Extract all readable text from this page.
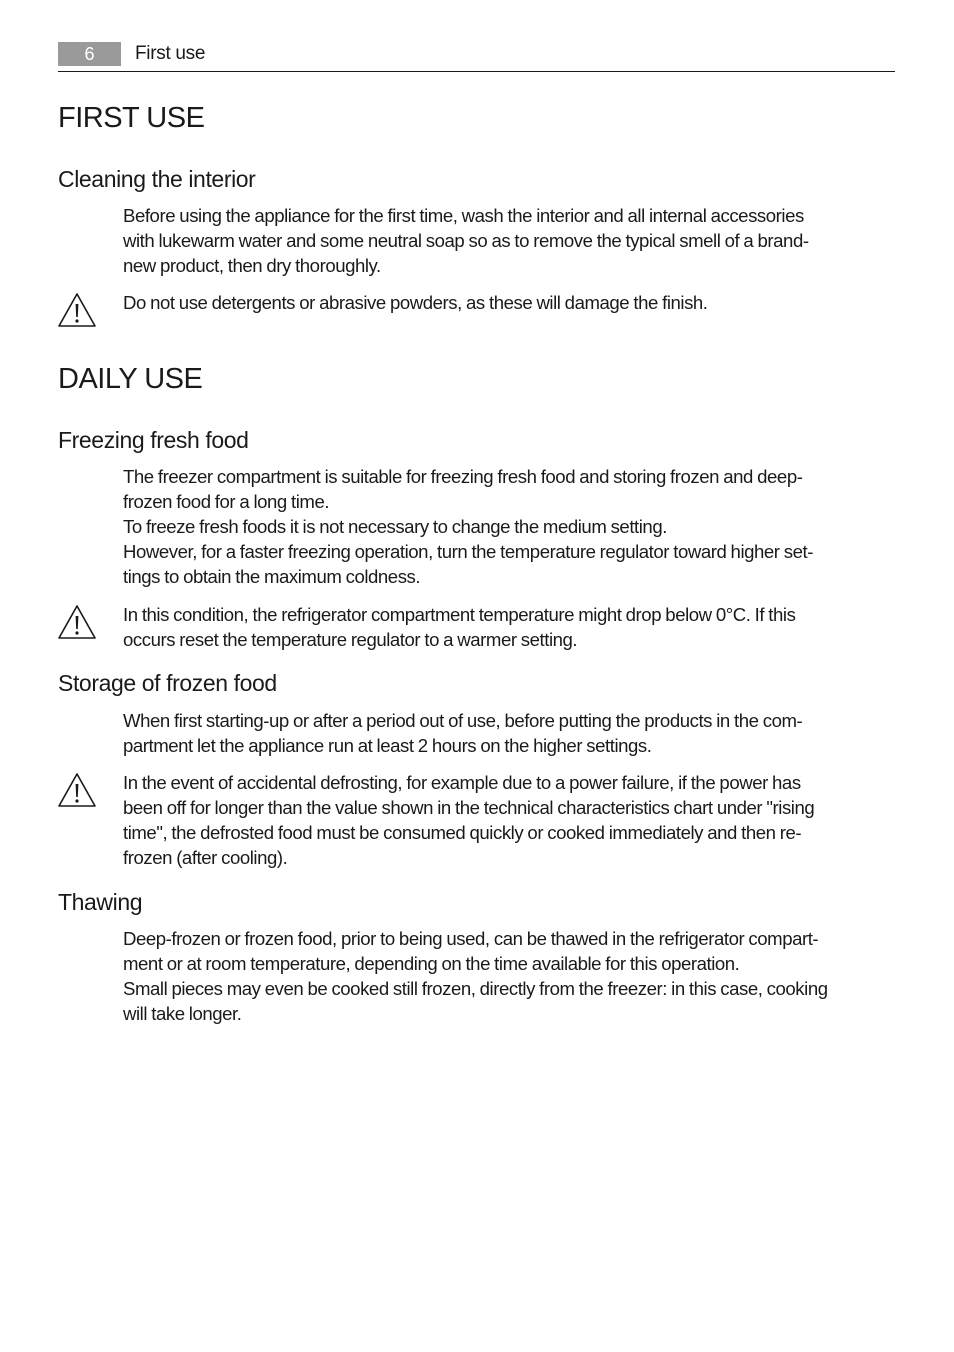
6	First use
FIRST USE
Cleaning the interior

Before using the appliance for the first time, wash the interior and all internal accessories
with lukewarm water and some neutral soap so as to remove the typical smell of a brand-
new product, then dry thoroughly.

Do not use detergents or abrasive powders, as these will damage the finish.

DAILY USE
Freezing fresh food

The freezer compartment is suitable for freezing fresh food and storing frozen and deep-
frozen food for a long time.
To freeze fresh foods it is not necessary to change the medium setting.
However, for a faster freezing operation, turn the temperature regulator toward higher set-
tings to obtain the maximum coldness.

In this condition, the refrigerator compartment temperature might drop below 0°C. If this
occurs reset the temperature regulator to a warmer setting.

Storage of frozen food

When first starting-up or after a period out of use, before putting the products in the com-
partment let the appliance run at least 2 hours on the higher settings.

In the event of accidental defrosting, for example due to a power failure, if the power has
been off for longer than the value shown in the technical characteristics chart under "rising
time", the defrosted food must be consumed quickly or cooked immediately and then re-
frozen (after cooling).

Thawing

Deep-frozen or frozen food, prior to being used, can be thawed in the refrigerator compart-
ment or at room temperature, depending on the time available for this operation.
Small pieces may even be cooked still frozen, directly from the freezer: in this case, cooking
will take longer.
